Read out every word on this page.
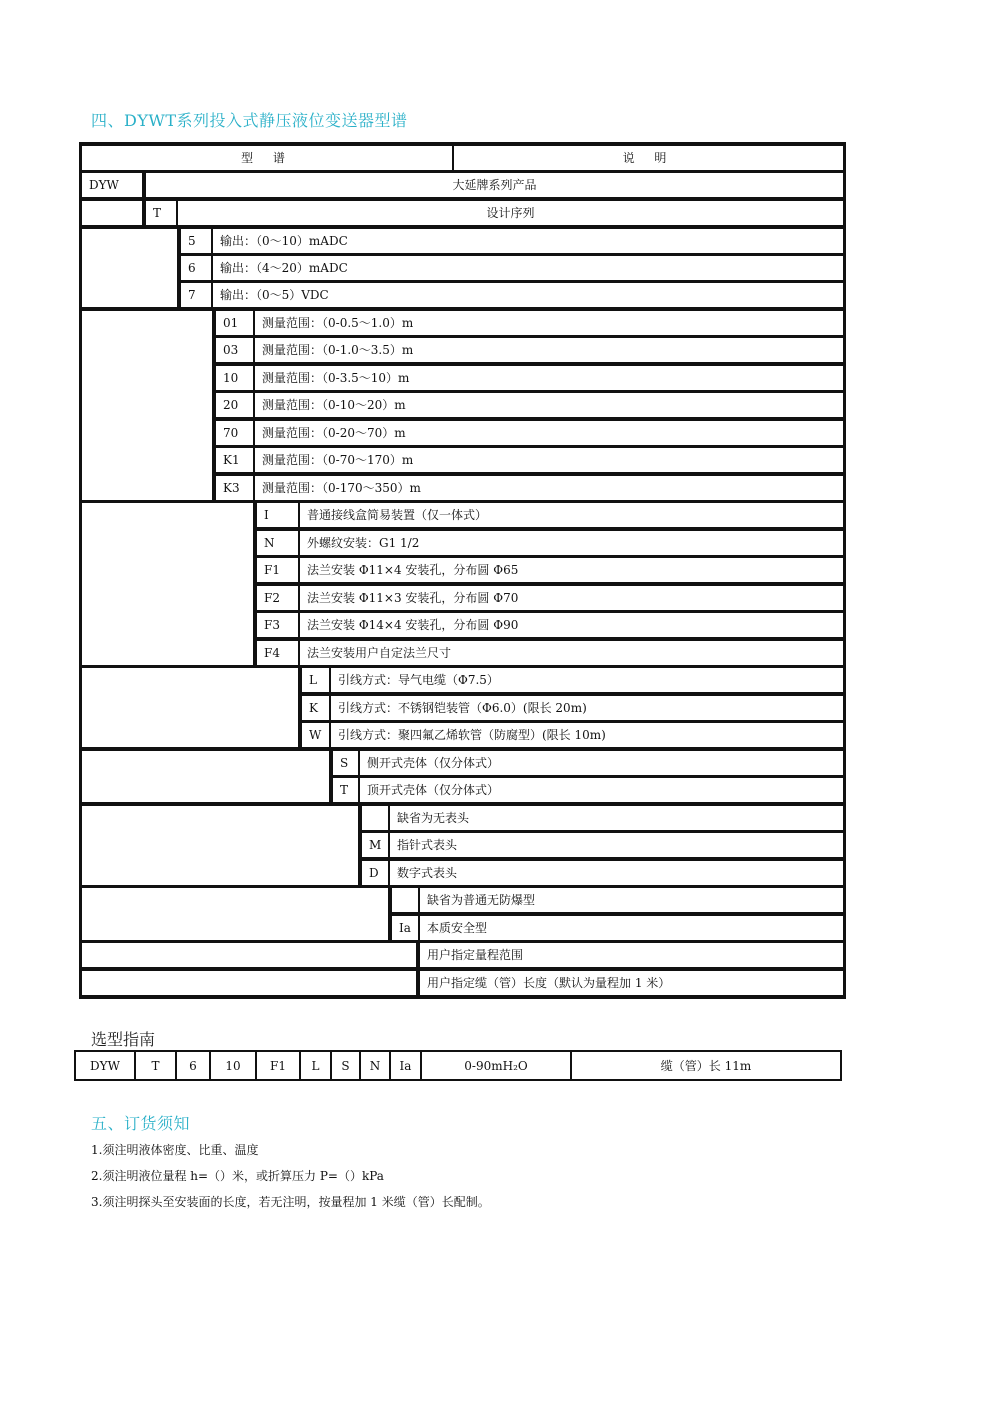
四、DYWT系列投入式静压液位变送器型谱
型 谱	说 明
DYW	大延牌系列产品
T	设计序列
5	输出：（0～10）mADC
6	输出：（4～20）mADC
7	输出：（0～5）VDC
01	测量范围：（0-0.5～1.0）m
03	测量范围：（0-1.0～3.5）m
10	测量范围：（0-3.5～10）m
20	测量范围：（0-10～20）m
70	测量范围：（0-20～70）m
K1	测量范围：（0-70～170）m
K3	测量范围：（0-170～350）m
I	普通接线盒简易装置（仅一体式）
N	外螺纹安装：G1 1/2
F1	法兰安装 Φ11×4 安装孔，分布圆 Φ65
F2	法兰安装 Φ11×3 安装孔，分布圆 Φ70
F3	法兰安装 Φ14×4 安装孔，分布圆 Φ90
F4	法兰安装用户自定法兰尺寸
L	引线方式：导气电缆（Φ7.5）
K	引线方式：不锈钢铠装管（Φ6.0）(限长 20m)
W	引线方式：聚四氟乙烯软管（防腐型）(限长 10m)
S	侧开式壳体（仅分体式）
T	顶开式壳体（仅分体式）
缺省为无表头
M	指针式表头
D	数字式表头
缺省为普通无防爆型
Ia	本质安全型
用户指定量程范围
用户指定缆（管）长度（默认为量程加 1 米）
选型指南
DYW	T	6	10	F1	L	S	N	Ia	0-90mH₂O	缆（管）长 11m
五、订货须知
1.须注明液体密度、比重、温度
2.须注明液位量程 h=（）米，或折算压力 P=（）kPa
3.须注明探头至安装面的长度，若无注明，按量程加 1 米缆（管）长配制。
